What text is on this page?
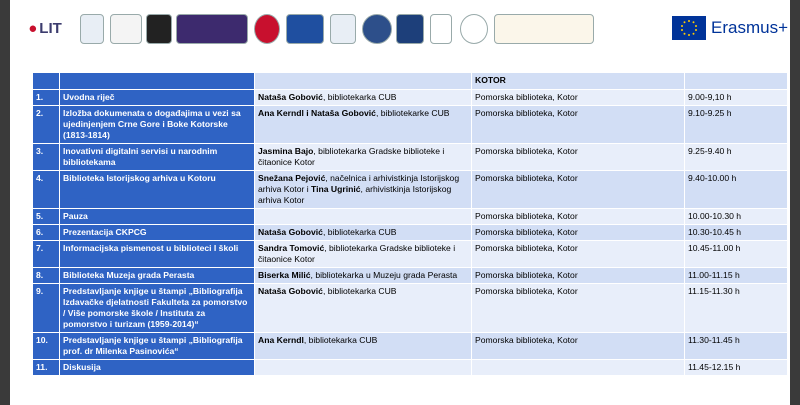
● LIT	Erasmus+
			KOTOR	
1.	Uvodna riječ	Nataša Gobović, bibliotekarka CUB	Pomorska biblioteka, Kotor	9.00-9,10 h
2.	Izložba dokumenata o događajima u vezi sa ujedinjenjem Crne Gore i Boke Kotorske (1813-1814)	Ana Kerndl i Nataša Gobović, bibliotekarke CUB	Pomorska biblioteka, Kotor	9.10-9.25 h
3.	Inovativni digitalni servisi u narodnim bibliotekama	Jasmina Bajo, bibliotekarka Gradske biblioteke i čitaonice Kotor	Pomorska biblioteka, Kotor	9.25-9.40 h
4.	Biblioteka Istorijskog arhiva u Kotoru	Snežana Pejović, načelnica i arhivistkinja Istorijskog arhiva Kotor i Tina Ugrinić, arhivistkinja Istorijskog arhiva Kotor	Pomorska biblioteka, Kotor	9.40-10.00 h
5.	Pauza		Pomorska biblioteka, Kotor	10.00-10.30 h
6.	Prezentacija CKPCG	Nataša Gobović, bibliotekarka CUB	Pomorska biblioteka, Kotor	10.30-10.45 h
7.	Informacijska pismenost u biblioteci I školi	Sandra Tomović, bibliotekarka Gradske biblioteke i čitaonice Kotor	Pomorska biblioteka, Kotor	10.45-11.00 h
8.	Biblioteka Muzeja grada Perasta	Biserka Milić, bibliotekarka u Muzeju grada Perasta	Pomorska biblioteka, Kotor	11.00-11.15 h
9.	Predstavljanje knjige u štampi „Bibliografija Izdavačke djelatnosti Fakulteta za pomorstvo / Više pomorske škole / Instituta za pomorstvo i turizam (1959-2014)“	Nataša Gobović, bibliotekarka CUB	Pomorska biblioteka, Kotor	11.15-11.30 h
10.	Predstavljanje knjige u štampi „Bibliografija prof. dr Milenka Pasinovića“	Ana Kerndl, bibliotekarka CUB	Pomorska biblioteka, Kotor	11.30-11.45 h
11.	Diskusija			11.45-12.15 h
